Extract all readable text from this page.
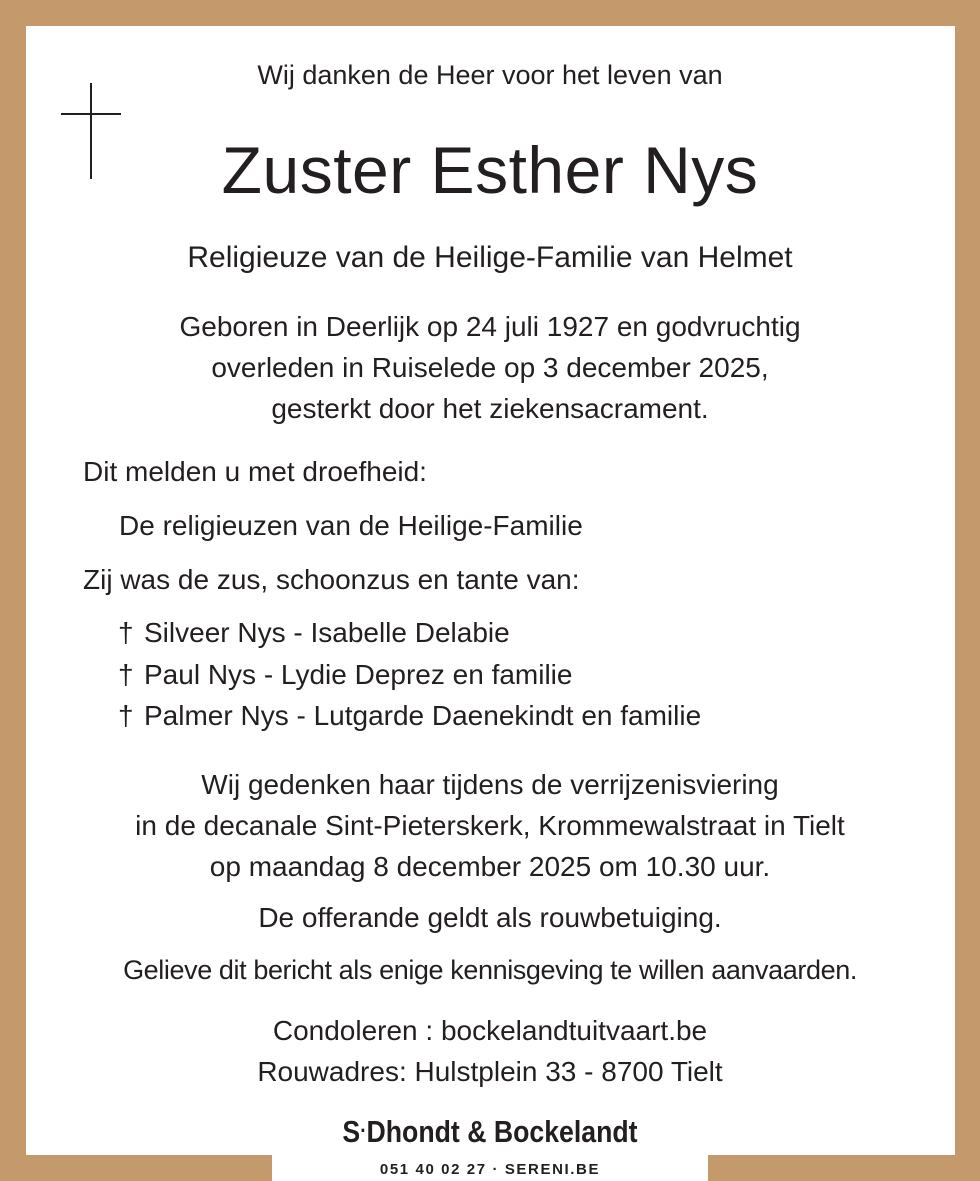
Wij danken de Heer voor het leven van
Zuster Esther Nys
Religieuze van de Heilige-Familie van Helmet
Geboren in Deerlijk op 24 juli 1927 en godvruchtig
overleden in Ruiselede op 3 december 2025,
gesterkt door het ziekensacrament.
Dit melden u met droefheid:
De religieuzen van de Heilige-Familie
Zij was de zus, schoonzus en tante van:
† Silveer Nys - Isabelle Delabie
† Paul Nys - Lydie Deprez en familie
† Palmer Nys - Lutgarde Daenekindt en familie
Wij gedenken haar tijdens de verrijzenisviering
in de decanale Sint-Pieterskerk, Krommewalstraat in Tielt
op maandag 8 december 2025 om 10.30 uur.
De offerande geldt als rouwbetuiging.
Gelieve dit bericht als enige kennisgeving te willen aanvaarden.
Condoleren : bockelandtuitvaart.be
Rouwadres: Hulstplein 33 - 8700 Tielt
S·Dhondt & Bockelandt
051 40 02 27 · SERENI.BE
